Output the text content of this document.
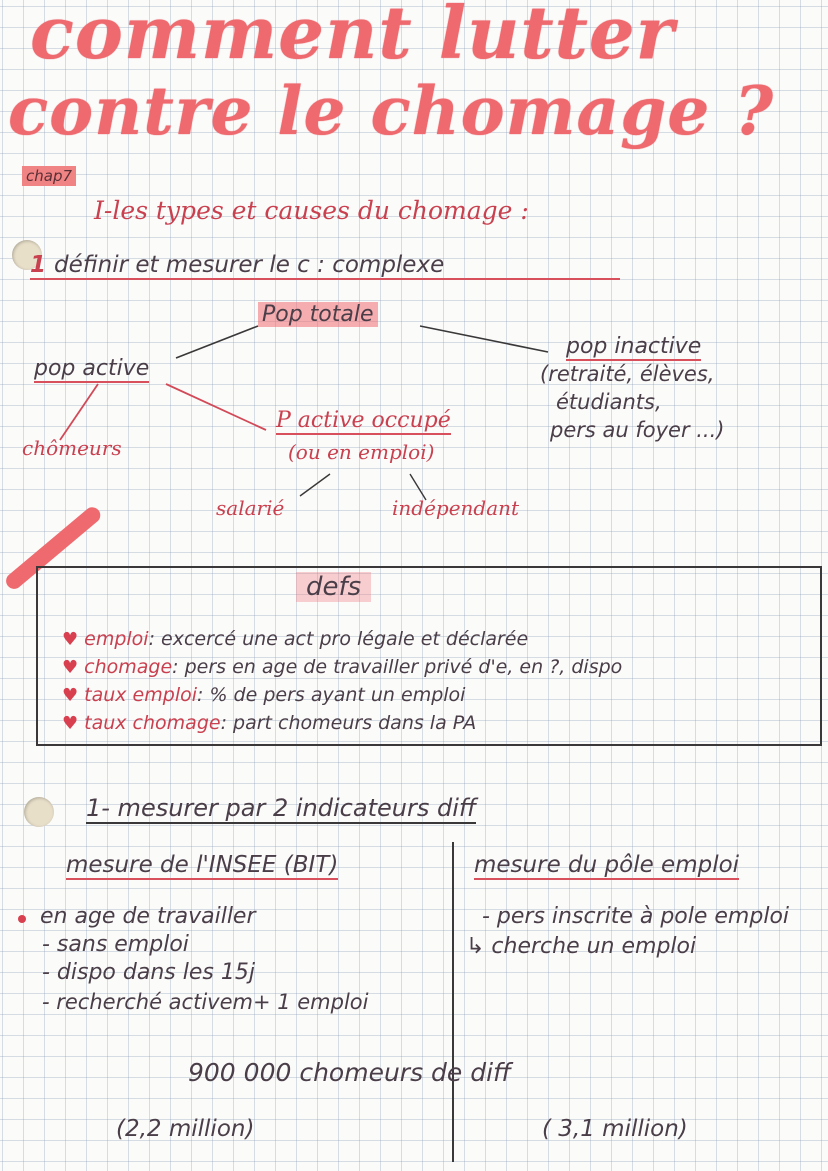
comment lutter
contre le chomage ?
chap7
I-les types et causes du chomage :
1 définir et mesurer le c : complexe
Pop totale
pop active
pop inactive
(retraité, élèves,
étudiants,
pers au foyer ...)
chômeurs
P active occupé
(ou en emploi)
salarié	indépendant
defs
♥ emploi: excercé une act pro légale et déclarée
♥ chomage: pers en age de travailler privé d'e, en ?, dispo
♥ taux emploi: % de pers ayant un emploi
♥ taux chomage: part chomeurs dans la PA
1- mesurer par 2 indicateurs diff
mesure de l'INSEE (BIT)	mesure du pôle emploi
en age de travailler
- sans emploi
- dispo dans les 15j
- recherché activem+ 1 emploi
- pers inscrite à pole emploi
↳ cherche un emploi
900 000 chomeurs de diff
(2,2 million)	( 3,1 million)
